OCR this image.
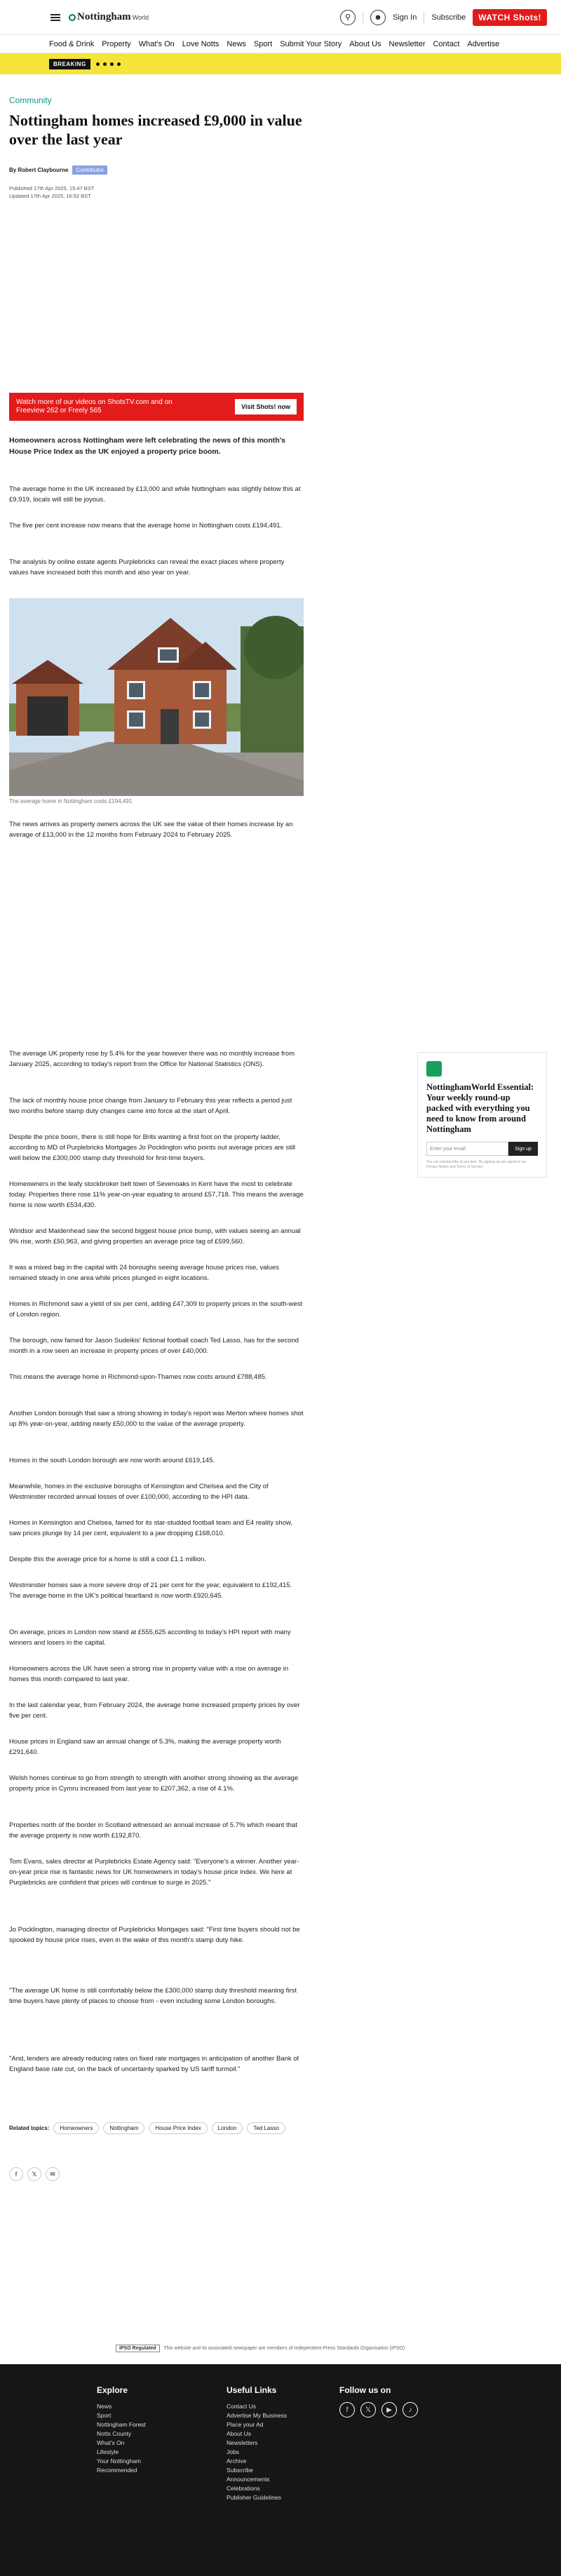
Nottingham World	⚲	☻	Sign In Subscribe	WATCH Shots!
Food & Drink Property What's On Love Notts News Sport Submit Your Story About Us Newsletter Contact Advertise
BREAKING
Community
Nottingham homes increased £9,000 in value over the last year
By Robert Claybourne	Contributor
Published 17th Apr 2025, 15:47 BST
Updated 17th Apr 2025, 16:52 BST
Watch more of our videos on ShotsTV.com and on Freeview 262 or Freely 565	Visit Shots! now
Homeowners across Nottingham were left celebrating the news of this month's House Price Index as the UK enjoyed a property price boom.
The average home in the UK increased by £13,000 and while Nottingham was slightly below this at £9,919, locals will still be joyous.
The five per cent increase now means that the average home in Nottingham costs £194,491.
The analysis by online estate agents Purplebricks can reveal the exact places where property values have increased both this month and also year on year.
The average home in Nottingham costs £194,491
The news arrives as property owners across the UK see the value of their homes increase by an average of £13,000 in the 12 months from February 2024 to February 2025.
The average UK property rose by 5.4% for the year however there was no monthly increase from January 2025, according to today's report from the Office for National Statistics (ONS).
The lack of monthly house price change from January to February this year reflects a period just two months before stamp duty changes came into force at the start of April.
Despite the price boom, there is still hope for Brits wanting a first foot on the property ladder, according to MD of Purplebricks Mortgages Jo Pocklington who points out average prices are still well below the £300,000 stamp duty threshold for first-time buyers.
Homeowners in the leafy stockbroker belt town of Sevenoaks in Kent have the most to celebrate today. Properties there rose 11% year-on-year equating to around £57,718. This means the average home is now worth £534,430.
Windsor and Maidenhead saw the second biggest house price bump, with values seeing an annual 9% rise, worth £50,963, and giving properties an average price tag of £599,560.
It was a mixed bag in the capital with 24 boroughs seeing average house prices rise, values remained steady in one area while prices plunged in eight locations.
Homes in Richmond saw a yield of six per cent, adding £47,309 to property prices in the south-west of London region.
The borough, now famed for Jason Sudeikis' fictional football coach Ted Lasso, has for the second month in a row seen an increase in property prices of over £40,000.
This means the average home in Richmond-upon-Thames now costs around £788,485.
Another London borough that saw a strong showing in today's report was Merton where homes shot up 8% year-on-year, adding nearly £50,000 to the value of the average property.
Homes in the south London borough are now worth around £619,145.
Meanwhile, homes in the exclusive boroughs of Kensington and Chelsea and the City of Westminster recorded annual losses of over £100,000, according to the HPI data.
Homes in Kensington and Chelsea, famed for its star-studded football team and E4 reality show, saw prices plunge by 14 per cent, equivalent to a jaw dropping £168,010.
Despite this the average price for a home is still a cool £1.1 million.
Westminster homes saw a more severe drop of 21 per cent for the year, equivalent to £192,415. The average home in the UK's political heartland is now worth £920,645.
On average, prices in London now stand at £555,625 according to today's HPI report with many winners and losers in the capital.
Homeowners across the UK have seen a strong rise in property value with a rise on average in homes this month compared to last year.
In the last calendar year, from February 2024, the average home increased property prices by over five per cent.
House prices in England saw an annual change of 5.3%, making the average property worth £291,640.
Welsh homes continue to go from strength to strength with another strong showing as the average property price in Cymru increased from last year to £207,362, a rise of 4.1%.
Properties north of the border in Scotland witnessed an annual increase of 5.7% which meant that the average property is now worth £192,870.
Tom Evans, sales director at Purplebricks Estate Agency said: "Everyone's a winner. Another year-on-year price rise is fantastic news for UK homeowners in today's house price index. We here at Purplebricks are confident that prices will continue to surge in 2025."
Jo Pocklington, managing director of Purplebricks Mortgages said: "First time buyers should not be spooked by house price rises, even in the wake of this month's stamp duty hike.
"The average UK home is still comfortably below the £300,000 stamp duty threshold meaning first time buyers have plenty of places to choose from - even including some London boroughs.
"And, lenders are already reducing rates on fixed rate mortgages in anticipation of another Bank of England base rate cut, on the back of uncertainty sparked by US tariff turmoil."
NottinghamWorld Essential: Your weekly round-up packed with everything you need to know from around Nottingham
Enter your email	Sign up
You can unsubscribe at any time. By signing up you agree to our Privacy Notice and Terms of Service.
Related topics:	Homeowners	Nottingham	House Price Index	London	Ted Lasso
f	𝕏	✉
IPSO Regulated	This website and its associated newspaper are members of Independent Press Standards Organisation (IPSO)
Explore
News
Sport
Nottingham Forest
Notts County
What's On
Lifestyle
Your Nottingham
Recommended
Useful Links
Contact Us
Advertise My Business
Place your Ad
About Us
Newsletters
Jobs
Archive
Subscribe
Announcements
Celebrations
Publisher Guidelines
Follow us on
f	𝕏	▶	♪
